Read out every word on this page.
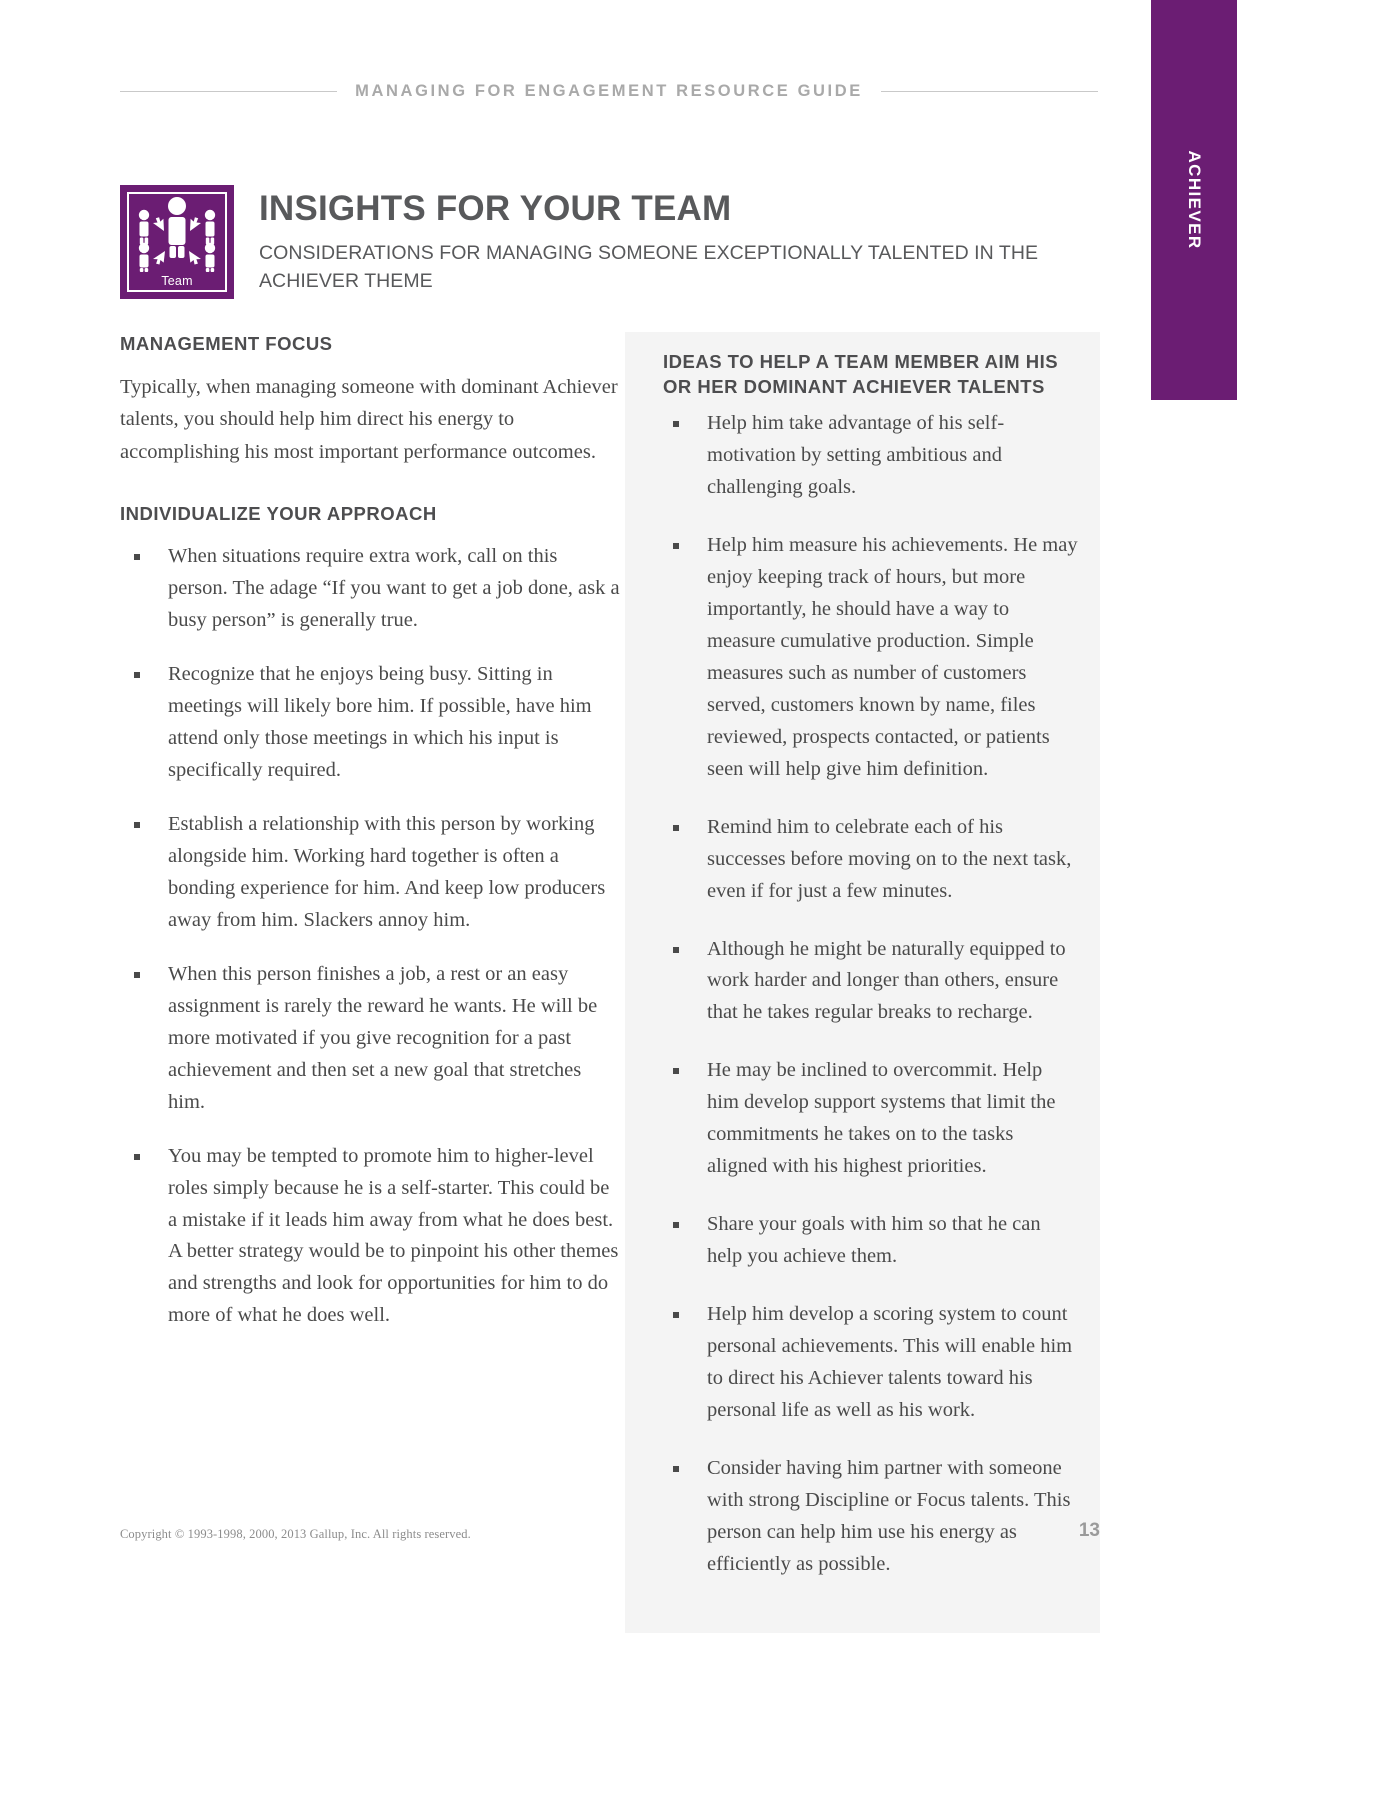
ACHIEVER
MANAGING FOR ENGAGEMENT RESOURCE GUIDE
Team
INSIGHTS FOR YOUR TEAM

CONSIDERATIONS FOR MANAGING SOMEONE EXCEPTIONALLY TALENTED IN THE ACHIEVER THEME

MANAGEMENT FOCUS

Typically, when managing someone with dominant Achiever talents, you should help him direct his energy to accomplishing his most important performance outcomes.

INDIVIDUALIZE YOUR APPROACH
When situations require extra work, call on this person. The adage “If you want to get a job done, ask a busy person” is generally true.
Recognize that he enjoys being busy. Sitting in meetings will likely bore him. If possible, have him attend only those meetings in which his input is specifically required.
Establish a relationship with this person by working alongside him. Working hard together is often a bonding experience for him. And keep low producers away from him. Slackers annoy him.
When this person finishes a job, a rest or an easy assignment is rarely the reward he wants. He will be more motivated if you give recognition for a past achievement and then set a new goal that stretches him.
You may be tempted to promote him to higher-level roles simply because he is a self-starter. This could be a mistake if it leads him away from what he does best. A better strategy would be to pinpoint his other themes and strengths and look for opportunities for him to do more of what he does well.
IDEAS TO HELP A TEAM MEMBER AIM HIS OR HER DOMINANT ACHIEVER TALENTS
Help him take advantage of his self-motivation by setting ambitious and challenging goals.
Help him measure his achievements. He may enjoy keeping track of hours, but more importantly, he should have a way to measure cumulative production. Simple measures such as number of customers served, customers known by name, files reviewed, prospects contacted, or patients seen will help give him definition.
Remind him to celebrate each of his successes before moving on to the next task, even if for just a few minutes.
Although he might be naturally equipped to work harder and longer than others, ensure that he takes regular breaks to recharge.
He may be inclined to overcommit. Help him develop support systems that limit the commitments he takes on to the tasks aligned with his highest priorities.
Share your goals with him so that he can help you achieve them.
Help him develop a scoring system to count personal achievements. This will enable him to direct his Achiever talents toward his personal life as well as his work.
Consider having him partner with someone with strong Discipline or Focus talents. This person can help him use his energy as efficiently as possible.
Copyright © 1993-1998, 2000, 2013 Gallup, Inc. All rights reserved.	13
